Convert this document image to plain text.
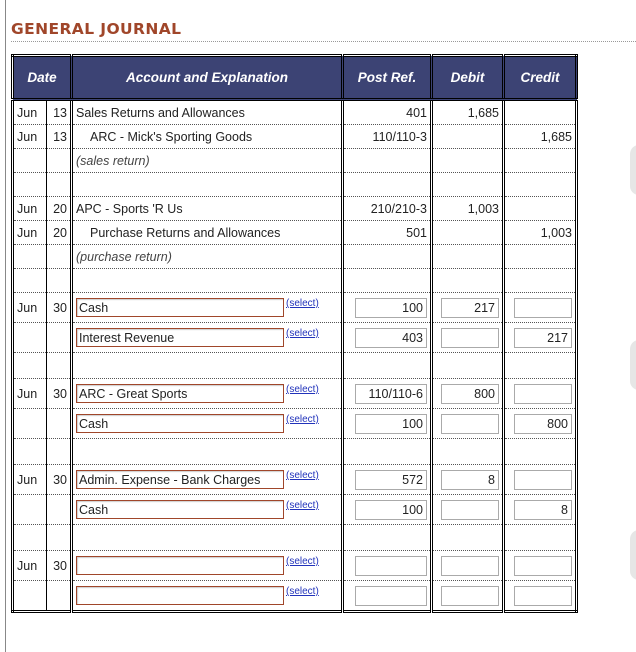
GENERAL JOURNAL
Date		Account and Explanation	Post Ref.	Debit	Credit
Jun	13	Sales Returns and Allowances	401	1,685	
Jun	13	ARC - Mick's Sporting Goods	110/110-3		1,685
		(sales return)			

Jun	20	APC - Sports 'R Us	210/210-3	1,003	
Jun	20	Purchase Returns and Allowances	501		1,003
		(purchase return)			

Jun	30	Cash $^{(select)}$	100	217	
		Interest Revenue $^{(select)}$	403		217

Jun	30	ARC - Great Sports $^{(select)}$	110/110-6	800	
		Cash $^{(select)}$	100		800

Jun	30	Admin. Expense - Bank Charges $^{(select)}$	572	8	
		Cash $^{(select)}$	100		8

Jun	30	$^{(select)}$			
		$^{(select)}$			
